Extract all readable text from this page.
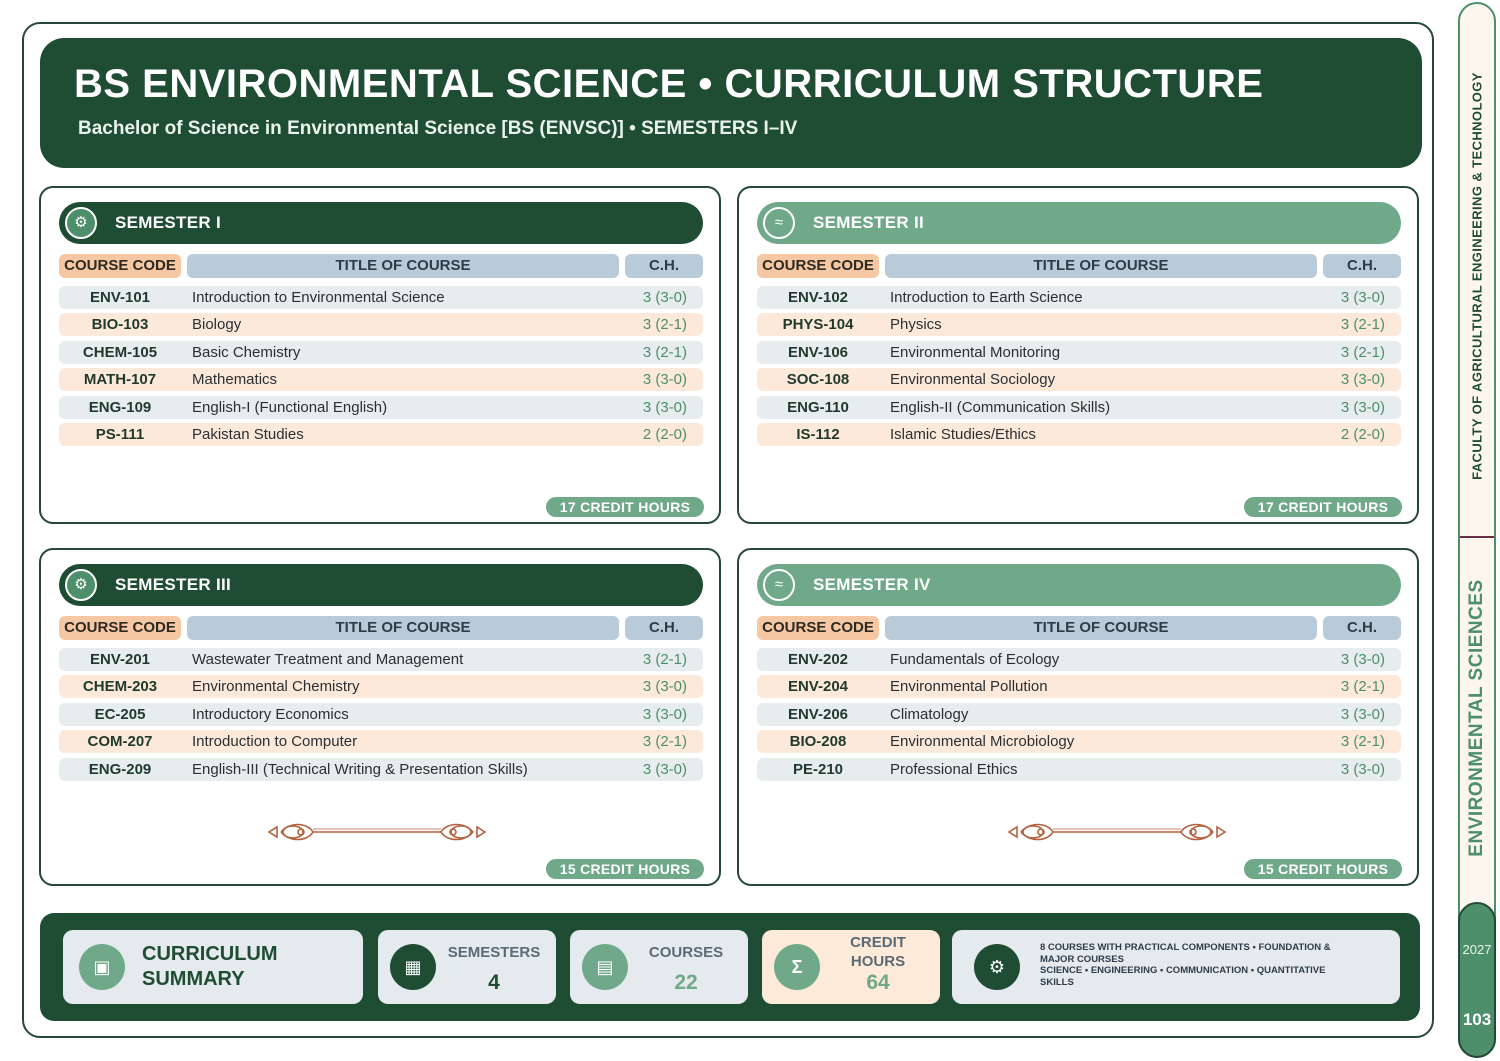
BS ENVIRONMENTAL SCIENCE • CURRICULUM STRUCTURE
Bachelor of Science in Environmental Science [BS (ENVSC)] • SEMESTERS I–IV
⚙	SEMESTER I
COURSE CODE	TITLE OF COURSE	C.H.
ENV-101	Introduction to Environmental Science	3 (3-0)
BIO-103	Biology	3 (2-1)
CHEM-105	Basic Chemistry	3 (2-1)
MATH-107	Mathematics	3 (3-0)
ENG-109	English-I (Functional English)	3 (3-0)
PS-111	Pakistan Studies	2 (2-0)
17 CREDIT HOURS
≈	SEMESTER II
COURSE CODE	TITLE OF COURSE	C.H.
ENV-102	Introduction to Earth Science	3 (3-0)
PHYS-104	Physics	3 (2-1)
ENV-106	Environmental Monitoring	3 (2-1)
SOC-108	Environmental Sociology	3 (3-0)
ENG-110	English-II (Communication Skills)	3 (3-0)
IS-112	Islamic Studies/Ethics	2 (2-0)
17 CREDIT HOURS
⚙	SEMESTER III
COURSE CODE	TITLE OF COURSE	C.H.
ENV-201	Wastewater Treatment and Management	3 (2-1)
CHEM-203	Environmental Chemistry	3 (3-0)
EC-205	Introductory Economics	3 (3-0)
COM-207	Introduction to Computer	3 (2-1)
ENG-209	English-III (Technical Writing & Presentation Skills)	3 (3-0)
15 CREDIT HOURS
≈	SEMESTER IV
COURSE CODE	TITLE OF COURSE	C.H.
ENV-202	Fundamentals of Ecology	3 (3-0)
ENV-204	Environmental Pollution	3 (2-1)
ENV-206	Climatology	3 (3-0)
BIO-208	Environmental Microbiology	3 (2-1)
PE-210	Professional Ethics	3 (3-0)
15 CREDIT HOURS
▣
CURRICULUM
SUMMARY
▦
SEMESTERS
4
▤
COURSES
22
Σ
CREDIT
HOURS
64
⚙
8 COURSES WITH PRACTICAL COMPONENTS • FOUNDATION &
MAJOR COURSES
SCIENCE • ENGINEERING • COMMUNICATION • QUANTITATIVE
SKILLS
FACULTY OF AGRICULTURAL ENGINEERING & TECHNOLOGY
ENVIRONMENTAL SCIENCES
2027
103
